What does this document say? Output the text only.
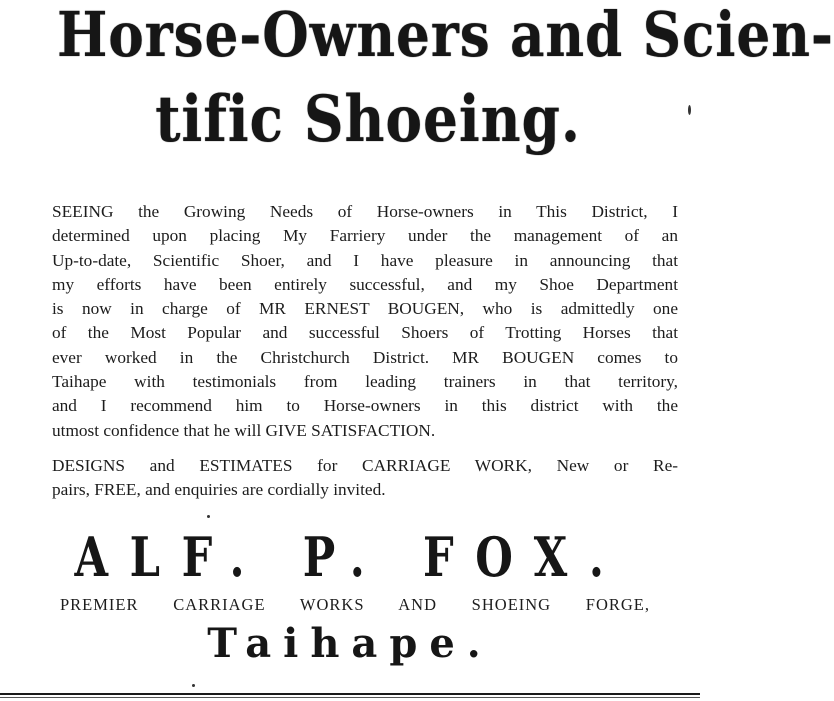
Horse-Owners and Scien-
tific Shoeing.
SEEING the Growing Needs of Horse-owners in This District, I
determined upon placing My Farriery under the management of an
Up-to-date, Scientific Shoer, and I have pleasure in announcing that
my efforts have been entirely successful, and my Shoe Department
is now in charge of MR ERNEST BOUGEN, who is admittedly one
of the Most Popular and successful Shoers of Trotting Horses that
ever worked in the Christchurch District. MR BOUGEN comes to
Taihape with testimonials from leading trainers in that territory,
and I recommend him to Horse-owners in this district with the
utmost confidence that he will GIVE SATISFACTION.
DESIGNS and ESTIMATES for CARRIAGE WORK, New or Re-
pairs, FREE, and enquiries are cordially invited.
ALF. P. FOX.
PREMIER CARRIAGE WORKS AND SHOEING FORGE,
Taihape.
